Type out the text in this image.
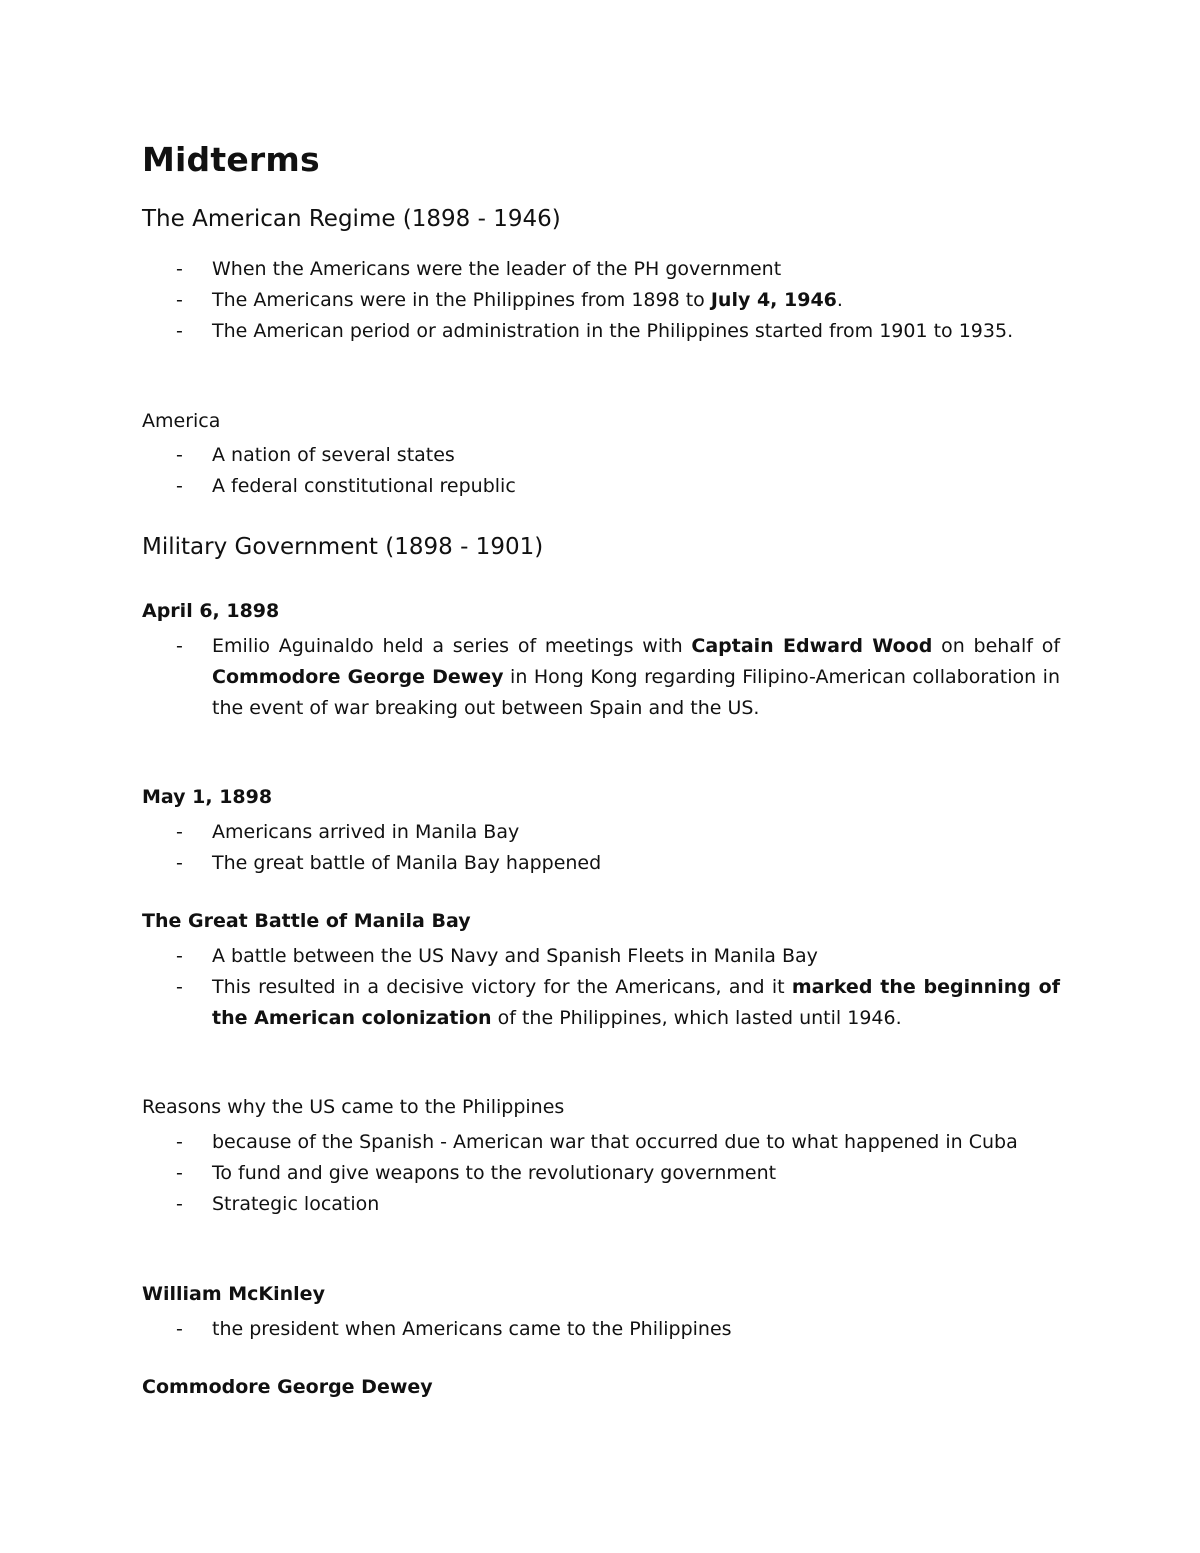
Midterms
The American Regime (1898 - 1946)
- When the Americans were the leader of the PH government
- The Americans were in the Philippines from 1898 to July 4, 1946.
- The American period or administration in the Philippines started from 1901 to 1935.

America

- A nation of several states
- A federal constitutional republic
Military Government (1898 - 1901)

April 6, 1898

- Emilio Aguinaldo held a series of meetings with Captain Edward Wood on behalf of Commodore George Dewey in Hong Kong regarding Filipino-American collaboration in the event of war breaking out between Spain and the US.

May 1, 1898

- Americans arrived in Manila Bay
- The great battle of Manila Bay happened

The Great Battle of Manila Bay

- A battle between the US Navy and Spanish Fleets in Manila Bay
- This resulted in a decisive victory for the Americans, and it marked the beginning of the American colonization of the Philippines, which lasted until 1946.

Reasons why the US came to the Philippines

- because of the Spanish - American war that occurred due to what happened in Cuba
- To fund and give weapons to the revolutionary government
- Strategic location

William McKinley

- the president when Americans came to the Philippines

Commodore George Dewey
